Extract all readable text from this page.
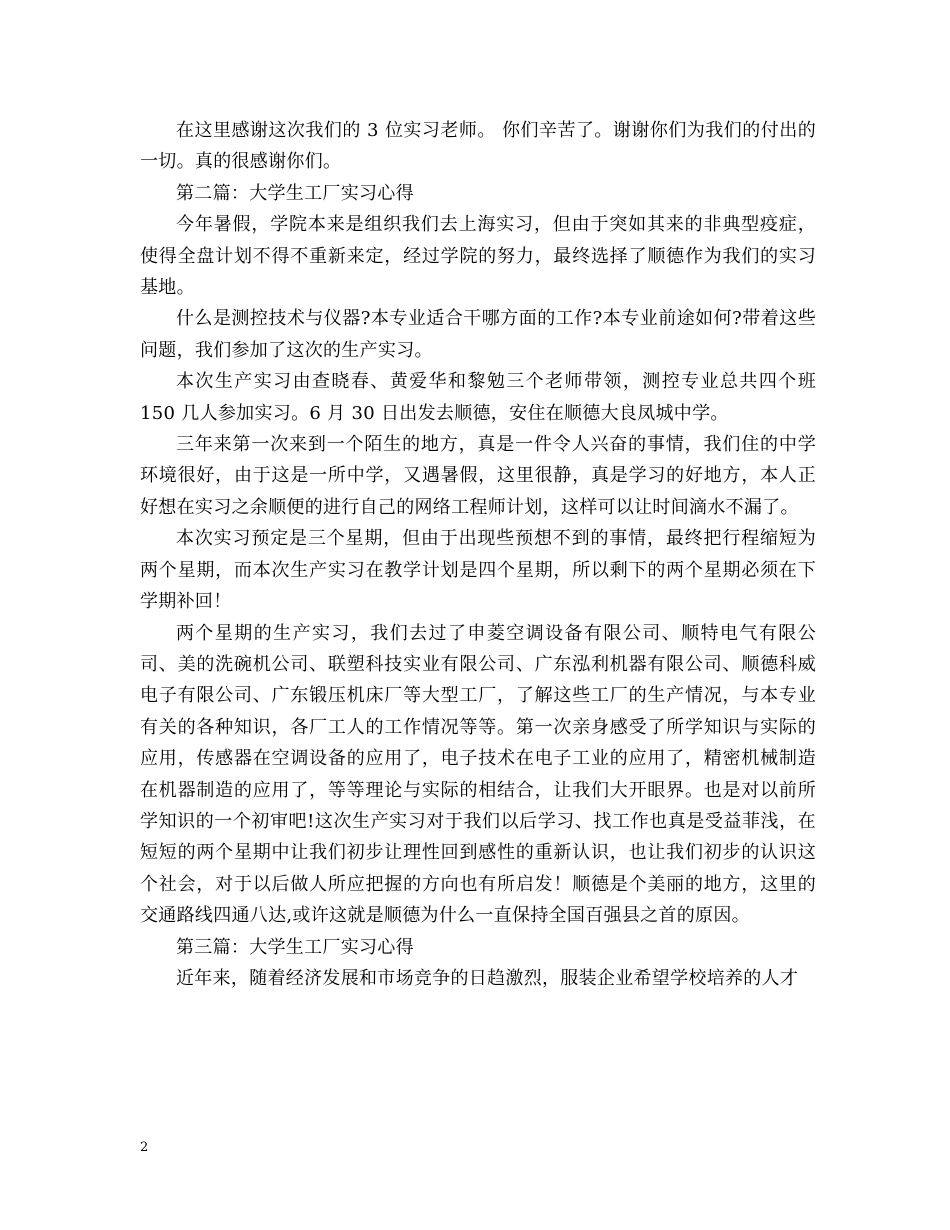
在这里感谢这次我们的 3 位实习老师。 你们辛苦了。谢谢你们为我们的付出的一切。真的很感谢你们。

第二篇：大学生工厂实习心得

今年暑假，学院本来是组织我们去上海实习，但由于突如其来的非典型疫症，使得全盘计划不得不重新来定，经过学院的努力，最终选择了顺德作为我们的实习基地。

什么是测控技术与仪器?本专业适合干哪方面的工作?本专业前途如何?带着这些问题，我们参加了这次的生产实习。

本次生产实习由查晓春、黄爱华和黎勉三个老师带领，测控专业总共四个班 150 几人参加实习。6 月 30 日出发去顺德，安住在顺德大良凤城中学。

三年来第一次来到一个陌生的地方，真是一件令人兴奋的事情，我们住的中学环境很好，由于这是一所中学，又遇暑假，这里很静，真是学习的好地方，本人正好想在实习之余顺便的进行自己的网络工程师计划，这样可以让时间滴水不漏了。

本次实习预定是三个星期，但由于出现些预想不到的事情，最终把行程缩短为两个星期，而本次生产实习在教学计划是四个星期，所以剩下的两个星期必须在下学期补回！

两个星期的生产实习，我们去过了申菱空调设备有限公司、顺特电气有限公司、美的洗碗机公司、联塑科技实业有限公司、广东泓利机器有限公司、顺德科威电子有限公司、广东锻压机床厂等大型工厂，了解这些工厂的生产情况，与本专业有关的各种知识，各厂工人的工作情况等等。第一次亲身感受了所学知识与实际的应用，传感器在空调设备的应用了，电子技术在电子工业的应用了，精密机械制造在机器制造的应用了，等等理论与实际的相结合，让我们大开眼界。也是对以前所学知识的一个初审吧!这次生产实习对于我们以后学习、找工作也真是受益菲浅，在短短的两个星期中让我们初步让理性回到感性的重新认识，也让我们初步的认识这个社会，对于以后做人所应把握的方向也有所启发！顺德是个美丽的地方，这里的交通路线四通八达,或许这就是顺德为什么一直保持全国百强县之首的原因。

第三篇：大学生工厂实习心得

近年来，随着经济发展和市场竞争的日趋激烈，服装企业希望学校培养的人才

2
